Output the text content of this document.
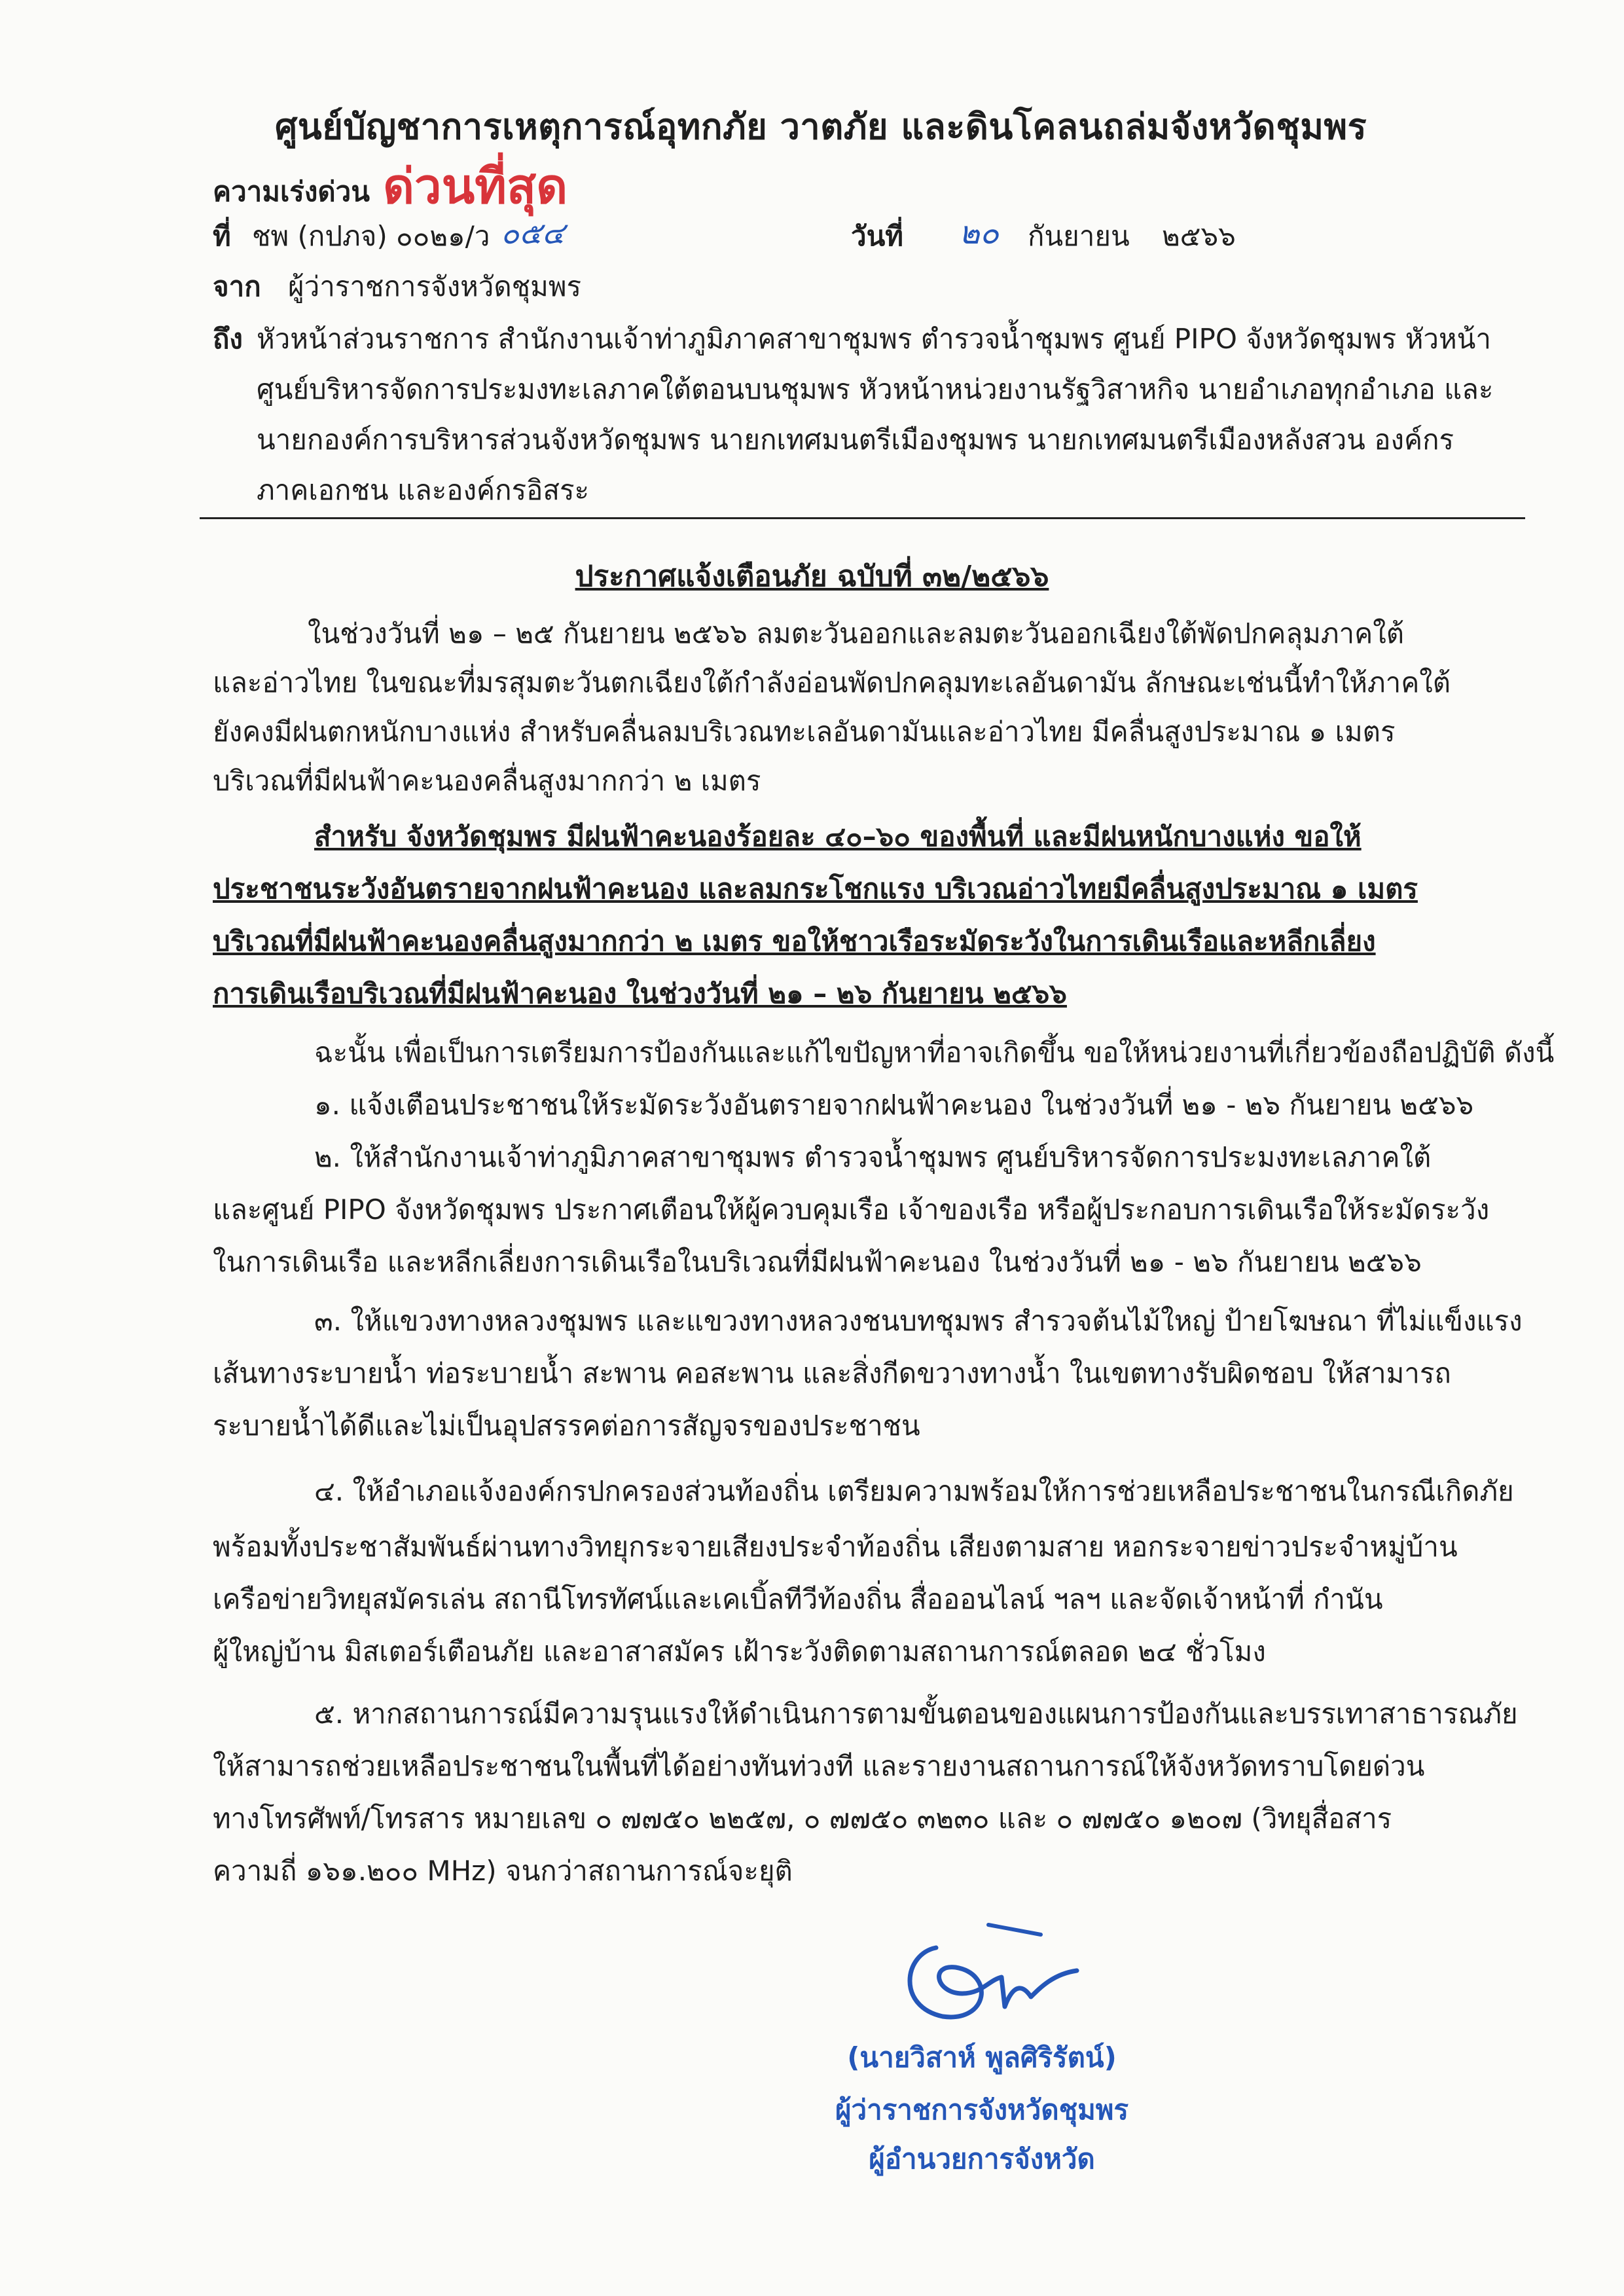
ศูนย์บัญชาการเหตุการณ์อุทกภัย วาตภัย และดินโคลนถล่มจังหวัดชุมพร
ความเร่งด่วน ด่วนที่สุด
ที่ ชพ (กปภจ) ๐๐๒๑/ว ๐๕๔	วันที่ ๒๐ กันยายน ๒๕๖๖
จาก ผู้ว่าราชการจังหวัดชุมพร
ถึง หัวหน้าส่วนราชการ สำนักงานเจ้าท่าภูมิภาคสาขาชุมพร ตำรวจน้ำชุมพร ศูนย์ PIPO จังหวัดชุมพร หัวหน้า
ศูนย์บริหารจัดการประมงทะเลภาคใต้ตอนบนชุมพร หัวหน้าหน่วยงานรัฐวิสาหกิจ นายอำเภอทุกอำเภอ และ
นายกองค์การบริหารส่วนจังหวัดชุมพร นายกเทศมนตรีเมืองชุมพร นายกเทศมนตรีเมืองหลังสวน องค์กร
ภาคเอกชน และองค์กรอิสระ
ประกาศแจ้งเตือนภัย ฉบับที่ ๓๒/๒๕๖๖
ในช่วงวันที่ ๒๑ – ๒๕ กันยายน ๒๕๖๖ ลมตะวันออกและลมตะวันออกเฉียงใต้พัดปกคลุมภาคใต้
และอ่าวไทย ในขณะที่มรสุมตะวันตกเฉียงใต้กำลังอ่อนพัดปกคลุมทะเลอันดามัน ลักษณะเช่นนี้ทำให้ภาคใต้
ยังคงมีฝนตกหนักบางแห่ง สำหรับคลื่นลมบริเวณทะเลอันดามันและอ่าวไทย มีคลื่นสูงประมาณ ๑ เมตร
บริเวณที่มีฝนฟ้าคะนองคลื่นสูงมากกว่า ๒ เมตร
สำหรับ จังหวัดชุมพร มีฝนฟ้าคะนองร้อยละ ๔๐–๖๐ ของพื้นที่ และมีฝนหนักบางแห่ง ขอให้
ประชาชนระวังอันตรายจากฝนฟ้าคะนอง และลมกระโชกแรง บริเวณอ่าวไทยมีคลื่นสูงประมาณ ๑ เมตร
บริเวณที่มีฝนฟ้าคะนองคลื่นสูงมากกว่า ๒ เมตร ขอให้ชาวเรือระมัดระวังในการเดินเรือและหลีกเลี่ยง
การเดินเรือบริเวณที่มีฝนฟ้าคะนอง ในช่วงวันที่ ๒๑ – ๒๖ กันยายน ๒๕๖๖
ฉะนั้น เพื่อเป็นการเตรียมการป้องกันและแก้ไขปัญหาที่อาจเกิดขึ้น ขอให้หน่วยงานที่เกี่ยวข้องถือปฏิบัติ ดังนี้
๑. แจ้งเตือนประชาชนให้ระมัดระวังอันตรายจากฝนฟ้าคะนอง ในช่วงวันที่ ๒๑ - ๒๖ กันยายน ๒๕๖๖
๒. ให้สำนักงานเจ้าท่าภูมิภาคสาขาชุมพร ตำรวจน้ำชุมพร ศูนย์บริหารจัดการประมงทะเลภาคใต้
และศูนย์ PIPO จังหวัดชุมพร ประกาศเตือนให้ผู้ควบคุมเรือ เจ้าของเรือ หรือผู้ประกอบการเดินเรือให้ระมัดระวัง
ในการเดินเรือ และหลีกเลี่ยงการเดินเรือในบริเวณที่มีฝนฟ้าคะนอง ในช่วงวันที่ ๒๑ - ๒๖ กันยายน ๒๕๖๖
๓. ให้แขวงทางหลวงชุมพร และแขวงทางหลวงชนบทชุมพร สำรวจต้นไม้ใหญ่ ป้ายโฆษณา ที่ไม่แข็งแรง
เส้นทางระบายน้ำ ท่อระบายน้ำ สะพาน คอสะพาน และสิ่งกีดขวางทางน้ำ ในเขตทางรับผิดชอบ ให้สามารถ
ระบายน้ำได้ดีและไม่เป็นอุปสรรคต่อการสัญจรของประชาชน
๔. ให้อำเภอแจ้งองค์กรปกครองส่วนท้องถิ่น เตรียมความพร้อมให้การช่วยเหลือประชาชนในกรณีเกิดภัย
พร้อมทั้งประชาสัมพันธ์ผ่านทางวิทยุกระจายเสียงประจำท้องถิ่น เสียงตามสาย หอกระจายข่าวประจำหมู่บ้าน
เครือข่ายวิทยุสมัครเล่น สถานีโทรทัศน์และเคเบิ้ลทีวีท้องถิ่น สื่อออนไลน์ ฯลฯ และจัดเจ้าหน้าที่ กำนัน
ผู้ใหญ่บ้าน มิสเตอร์เตือนภัย และอาสาสมัคร เฝ้าระวังติดตามสถานการณ์ตลอด ๒๔ ชั่วโมง
๕. หากสถานการณ์มีความรุนแรงให้ดำเนินการตามขั้นตอนของแผนการป้องกันและบรรเทาสาธารณภัย
ให้สามารถช่วยเหลือประชาชนในพื้นที่ได้อย่างทันท่วงที และรายงานสถานการณ์ให้จังหวัดทราบโดยด่วน
ทางโทรศัพท์/โทรสาร หมายเลข ๐ ๗๗๕๐ ๒๒๕๗, ๐ ๗๗๕๐ ๓๒๓๐ และ ๐ ๗๗๕๐ ๑๒๐๗ (วิทยุสื่อสาร
ความถี่ ๑๖๑.๒๐๐ MHz) จนกว่าสถานการณ์จะยุติ
(นายวิสาห์ พูลศิริรัตน์)
ผู้ว่าราชการจังหวัดชุมพร
ผู้อำนวยการจังหวัด
